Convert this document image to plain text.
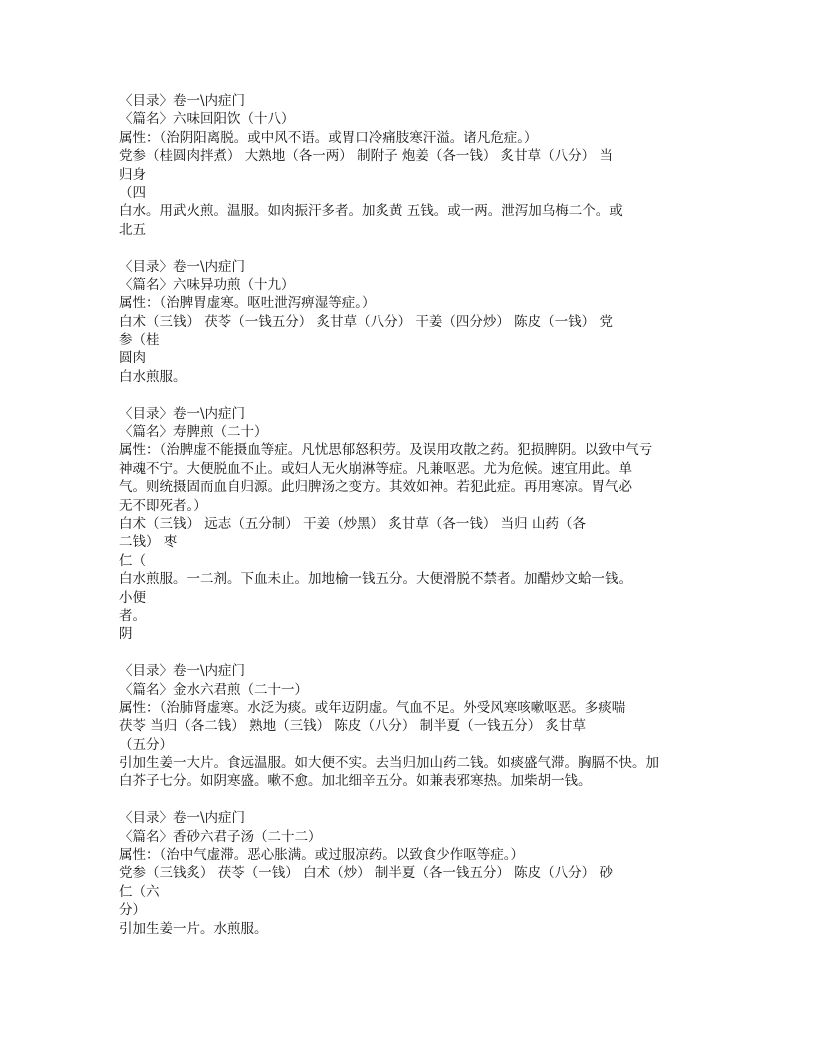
〈目录〉卷一\内症门
〈篇名〉六味回阳饮（十八）
属性：（治阴阳离脱。或中风不语。或胃口冷痛肢寒汗溢。诸凡危症。）
党参（桂圆肉拌煮） 大熟地（各一两） 制附子 炮姜（各一钱） 炙甘草（八分） 当
归身
（四
白水。用武火煎。温服。如肉振汗多者。加炙黄 五钱。或一两。泄泻加乌梅二个。或
北五
〈目录〉卷一\内症门
〈篇名〉六味异功煎（十九）
属性：（治脾胃虚寒。呕吐泄泻痹湿等症。）
白术（三钱） 茯苓（一钱五分） 炙甘草（八分） 干姜（四分炒） 陈皮（一钱） 党
参（桂
圆肉
白水煎服。
〈目录〉卷一\内症门
〈篇名〉寿脾煎（二十）
属性：（治脾虚不能摄血等症。凡忧思郁怒积劳。及误用攻散之药。犯损脾阴。以致中气亏
神魂不宁。大便脱血不止。或妇人无火崩淋等症。凡兼呕恶。尤为危候。速宜用此。单
气。则统摄固而血自归源。此归脾汤之变方。其效如神。若犯此症。再用寒凉。胃气必
无不即死者。）
白术（三钱） 远志（五分制） 干姜（炒黑） 炙甘草（各一钱） 当归 山药（各
二钱） 枣
仁（
白水煎服。一二剂。下血未止。加地榆一钱五分。大便滑脱不禁者。加醋炒文蛤一钱。
小便
者。
阴
〈目录〉卷一\内症门
〈篇名〉金水六君煎（二十一）
属性：（治肺肾虚寒。水泛为痰。或年迈阴虚。气血不足。外受风寒咳嗽呕恶。多痰喘
茯苓 当归（各二钱） 熟地（三钱） 陈皮（八分） 制半夏（一钱五分） 炙甘草
（五分）
引加生姜一大片。食远温服。如大便不实。去当归加山药二钱。如痰盛气滞。胸膈不快。加
白芥子七分。如阴寒盛。嗽不愈。加北细辛五分。如兼表邪寒热。加柴胡一钱。
〈目录〉卷一\内症门
〈篇名〉香砂六君子汤（二十二）
属性：（治中气虚滞。恶心胀满。或过服凉药。以致食少作呕等症。）
党参（三钱炙） 茯苓（一钱） 白术（炒） 制半夏（各一钱五分） 陈皮（八分） 砂
仁（六
分）
引加生姜一片。水煎服。
